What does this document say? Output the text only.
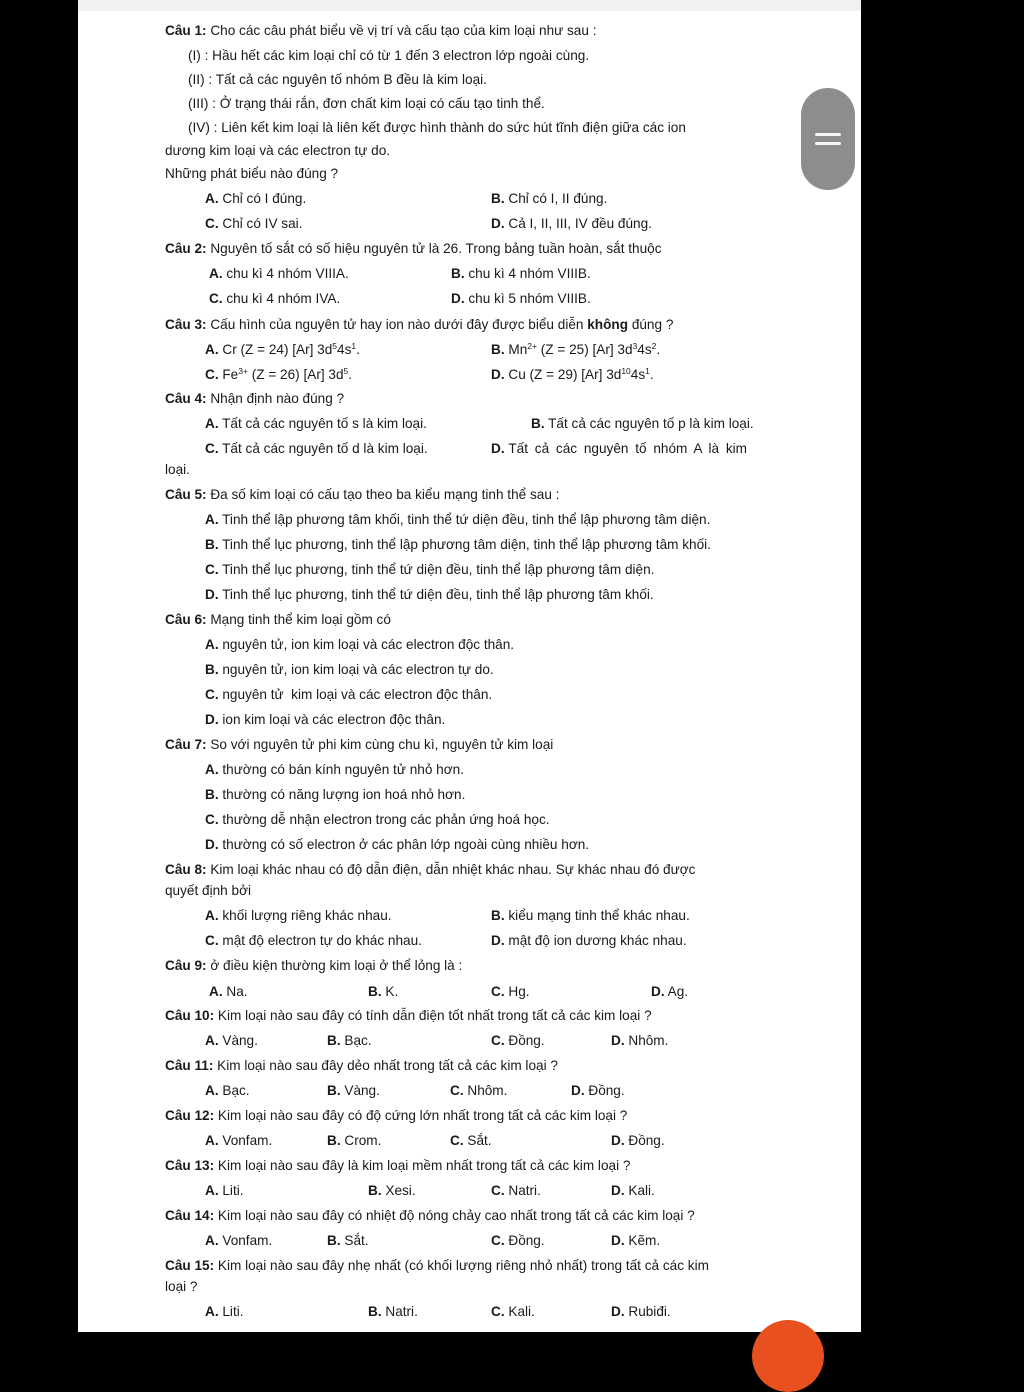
Câu 1: Cho các câu phát biểu về vị trí và cấu tạo của kim loại như sau :
(I) : Hầu hết các kim loại chỉ có từ 1 đến 3 electron lớp ngoài cùng.
(II) : Tất cả các nguyên tố nhóm B đều là kim loại.
(III) : Ở trạng thái rắn, đơn chất kim loại có cấu tạo tinh thể.
(IV) : Liên kết kim loại là liên kết được hình thành do sức hút tĩnh điện giữa các ion
dương kim loại và các electron tự do.
Những phát biểu nào đúng ?
A. Chỉ có I đúng.	B. Chỉ có I, II đúng.
C. Chỉ có IV sai.	D. Cả I, II, III, IV đều đúng.
Câu 2: Nguyên tố sắt có số hiệu nguyên tử là 26. Trong bảng tuần hoàn, sắt thuộc
A. chu kì 4 nhóm VIIIA.	B. chu kì 4 nhóm VIIIB.
C. chu kì 4 nhóm IVA.	D. chu kì 5 nhóm VIIIB.
Câu 3: Cấu hình của nguyên tử hay ion nào dưới đây được biểu diễn không đúng ?
A. Cr (Z = 24) [Ar] $3d^54s^1$.	B. $Mn^{2+}$ (Z = 25) [Ar] $3d^34s^2$.
C. $Fe^{3+}$ (Z = 26) [Ar] $3d^5$.	D. Cu (Z = 29) [Ar] $3d^{10}4s^1$.
Câu 4: Nhận định nào đúng ?
A. Tất cả các nguyên tố s là kim loại.	B. Tất cả các nguyên tố p là kim loại.
C. Tất cả các nguyên tố d là kim loại.	D. Tất cả các nguyên tố nhóm A là kim
loại.
Câu 5: Đa số kim loại có cấu tạo theo ba kiểu mạng tinh thể sau :
A. Tinh thể lập phương tâm khối, tinh thể tứ diện đều, tinh thể lập phương tâm diện.
B. Tinh thể lục phương, tinh thể lập phương tâm diện, tinh thể lập phương tâm khối.
C. Tinh thể lục phương, tinh thể tứ diện đều, tinh thể lập phương tâm diện.
D. Tinh thể lục phương, tinh thể tứ diện đều, tinh thể lập phương tâm khối.
Câu 6: Mạng tinh thể kim loại gồm có
A. nguyên tử, ion kim loại và các electron độc thân.
B. nguyên tử, ion kim loại và các electron tự do.
C. nguyên tử  kim loại và các electron độc thân.
D. ion kim loại và các electron độc thân.
Câu 7: So với nguyên tử phi kim cùng chu kì, nguyên tử kim loại
A. thường có bán kính nguyên tử nhỏ hơn.
B. thường có năng lượng ion hoá nhỏ hơn.
C. thường dễ nhận electron trong các phản ứng hoá học.
D. thường có số electron ở các phân lớp ngoài cùng nhiều hơn.
Câu 8: Kim loại khác nhau có độ dẫn điện, dẫn nhiệt khác nhau. Sự khác nhau đó được
quyết định bởi
A. khối lượng riêng khác nhau.	B. kiểu mạng tinh thể khác nhau.
C. mật độ electron tự do khác nhau.	D. mật độ ion dương khác nhau.
Câu 9: ở điều kiện thường kim loại ở thể lỏng là :
A. Na.	B. K.	C. Hg.	D. Ag.
Câu 10: Kim loại nào sau đây có tính dẫn điện tốt nhất trong tất cả các kim loại ?
A. Vàng.	B. Bạc.	C. Đồng.	D. Nhôm.
Câu 11: Kim loại nào sau đây dẻo nhất trong tất cả các kim loại ?
A. Bạc.	B. Vàng.	C. Nhôm.	D. Đồng.
Câu 12: Kim loại nào sau đây có độ cứng lớn nhất trong tất cả các kim loại ?
A. Vonfam.	B. Crom.	C. Sắt.	D. Đồng.
Câu 13: Kim loại nào sau đây là kim loại mềm nhất trong tất cả các kim loại ?
A. Liti.	B. Xesi.	C. Natri.	D. Kali.
Câu 14: Kim loại nào sau đây có nhiệt độ nóng chảy cao nhất trong tất cả các kim loại ?
A. Vonfam.	B. Sắt.	C. Đồng.	D. Kẽm.
Câu 15: Kim loại nào sau đây nhẹ nhất (có khối lượng riêng nhỏ nhất) trong tất cả các kim
loại ?
A. Liti.	B. Natri.	C. Kali.	D. Rubiđi.
